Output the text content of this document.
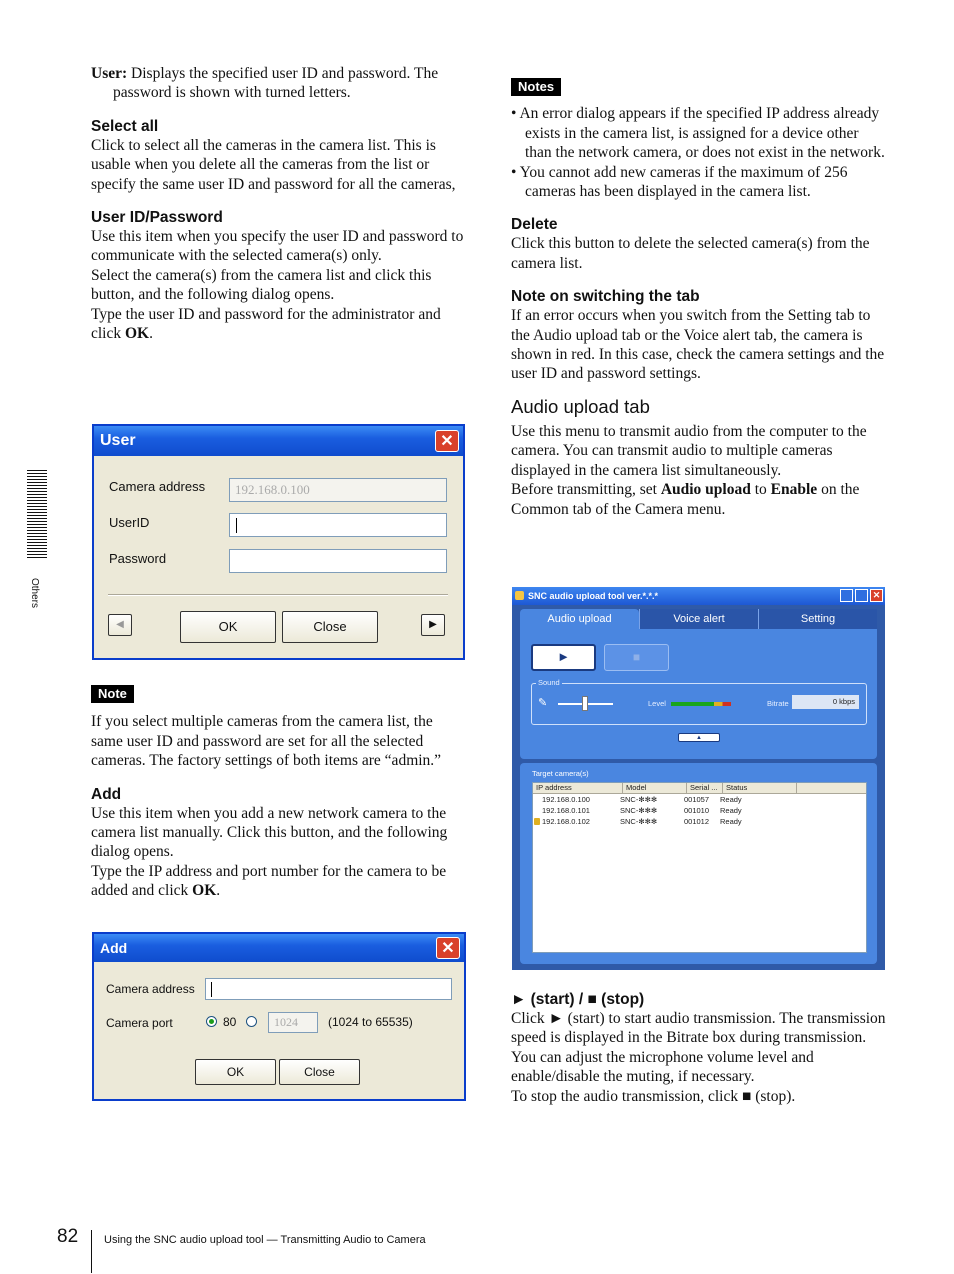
Others

User: Displays the specified user ID and password. The password is shown with turned letters.

Select all

Click to select all the cameras in the camera list. This is usable when you delete all the cameras from the list or specify the same user ID and password for all the cameras,

User ID/Password

Use this item when you specify the user ID and password to communicate with the selected camera(s) only.

Select the camera(s) from the camera list and click this button, and the following dialog opens.

Type the user ID and password for the administrator and click OK.

User	✕
Camera address	192.168.0.100
UserID
Password
◀	OK	Close	▶
Note

If you select multiple cameras from the camera list, the same user ID and password are set for all the selected cameras. The factory settings of both items are “admin.”

Add

Use this item when you add a new network camera to the camera list manually. Click this button, and the following dialog opens.

Type the IP address and port number for the camera to be added and click OK.

Add	✕
Camera address
Camera port	80	1024	(1024 to 65535)
OK	Close
Notes

• An error dialog appears if the specified IP address already exists in the camera list, is assigned for a device other than the network camera, or does not exist in the network.

• You cannot add new cameras if the maximum of 256 cameras has been displayed in the camera list.

Delete

Click this button to delete the selected camera(s) from the camera list.

Note on switching the tab

If an error occurs when you switch from the Setting tab to the Audio upload tab or the Voice alert tab, the camera is shown in red. In this case, check the camera settings and the user ID and password settings.

Audio upload tab

Use this menu to transmit audio from the computer to the camera. You can transmit audio to multiple cameras displayed in the camera list simultaneously.

Before transmitting, set Audio upload to Enable on the Common tab of the Camera menu.

SNC audio upload tool ver.*.*.*	✕
Audio upload	Voice alert	Setting
►	■
Sound
✎	Level	Bitrate	0 kbps
▲
Target camera(s)
IP address	Model	Serial ...	Status
192.168.0.100	SNC-✻✻✻	001057	Ready
192.168.0.101	SNC-✻✻✻	001010	Ready
192.168.0.102	SNC-✻✻✻	001012	Ready
► (start) / ■ (stop)

Click ► (start) to start audio transmission. The transmission speed is displayed in the Bitrate box during transmission. You can adjust the microphone volume level and enable/disable the muting, if necessary.

To stop the audio transmission, click ■ (stop).

82 Using the SNC audio upload tool — Transmitting Audio to Camera
